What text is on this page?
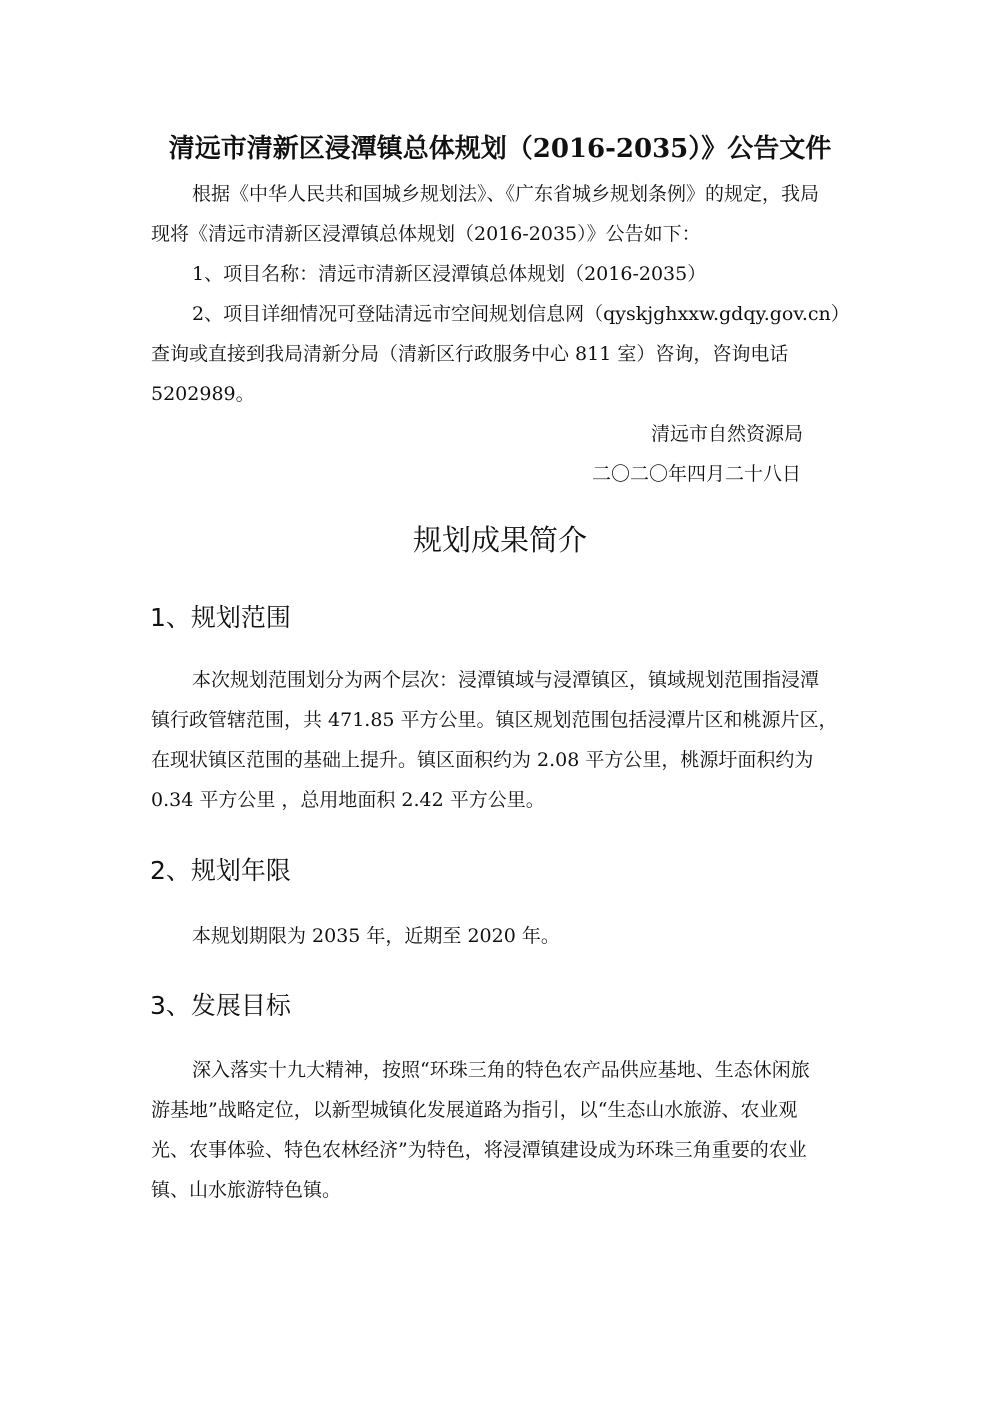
清远市清新区浸潭镇总体规划（2016-2035）》公告文件
根据《中华人民共和国城乡规划法》、《广东省城乡规划条例》的规定，我局
现将《清远市清新区浸潭镇总体规划（2016-2035）》公告如下：
1、项目名称：清远市清新区浸潭镇总体规划（2016-2035）
2、项目详细情况可登陆清远市空间规划信息网（qyskjghxxw.gdqy.gov.cn）
查询或直接到我局清新分局（清新区行政服务中心 811 室）咨询，咨询电话
5202989。
清远市自然资源局
二〇二〇年四月二十八日
规划成果简介
1、规划范围
本次规划范围划分为两个层次：浸潭镇域与浸潭镇区，镇域规划范围指浸潭
镇行政管辖范围，共 471.85 平方公里。镇区规划范围包括浸潭片区和桃源片区，
在现状镇区范围的基础上提升。镇区面积约为 2.08 平方公里，桃源圩面积约为
0.34 平方公里 ，总用地面积 2.42 平方公里。
2、规划年限
本规划期限为 2035 年，近期至 2020 年。
3、发展目标
深入落实十九大精神，按照“环珠三角的特色农产品供应基地、生态休闲旅
游基地”战略定位，以新型城镇化发展道路为指引，以“生态山水旅游、农业观
光、农事体验、特色农林经济”为特色，将浸潭镇建设成为环珠三角重要的农业
镇、山水旅游特色镇。
